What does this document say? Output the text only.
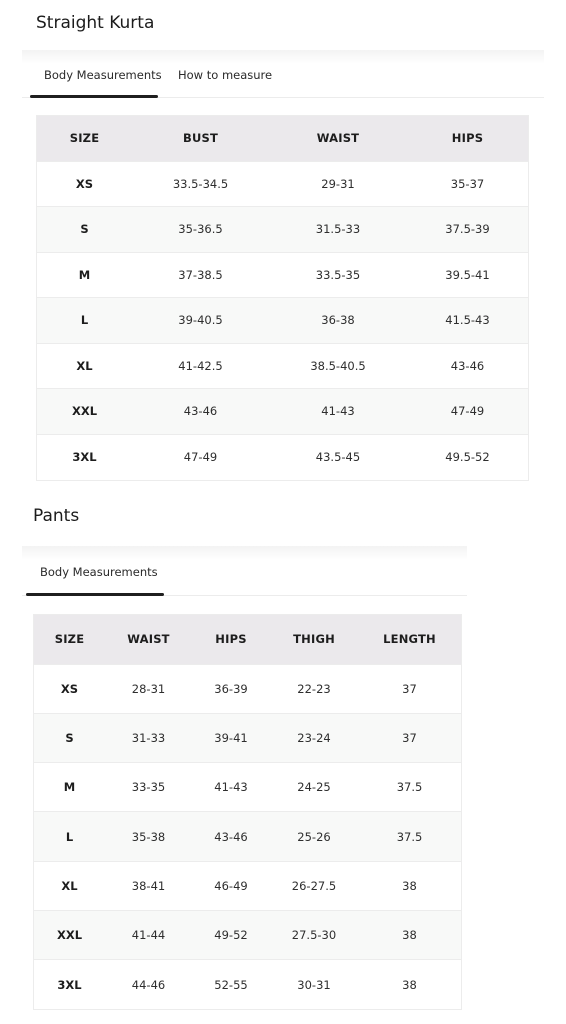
Straight Kurta
Body Measurements How to measure
SIZE	BUST	WAIST	HIPS
XS	33.5-34.5	29-31	35-37
S	35-36.5	31.5-33	37.5-39
M	37-38.5	33.5-35	39.5-41
L	39-40.5	36-38	41.5-43
XL	41-42.5	38.5-40.5	43-46
XXL	43-46	41-43	47-49
3XL	47-49	43.5-45	49.5-52
Pants
Body Measurements
SIZE	WAIST	HIPS	THIGH	LENGTH
XS	28-31	36-39	22-23	37
S	31-33	39-41	23-24	37
M	33-35	41-43	24-25	37.5
L	35-38	43-46	25-26	37.5
XL	38-41	46-49	26-27.5	38
XXL	41-44	49-52	27.5-30	38
3XL	44-46	52-55	30-31	38
